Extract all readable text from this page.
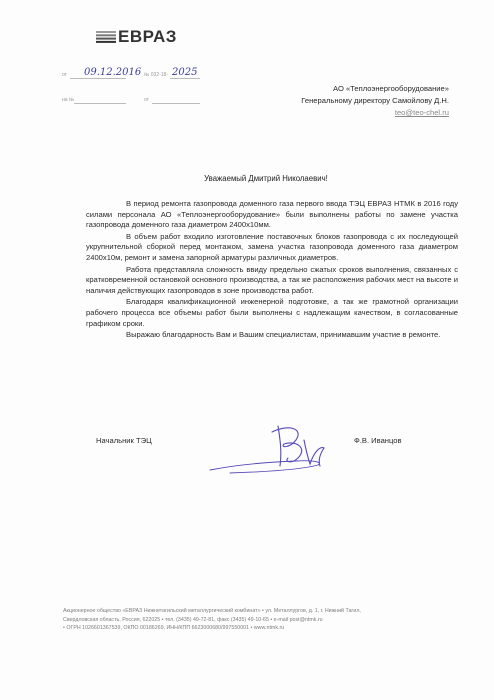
ЕВРАЗ
от 09.12.2016 № 032-18- 2025
на №	от
АО «Теплоэнергооборудование»
Генеральному директору Самойлову Д.Н.
teo@teo-chel.ru
Уважаемый Дмитрий Николаевич!

В период ремонта газопровода доменного газа первого ввода ТЭЦ ЕВРАЗ НТМК в 2016 году силами персонала АО «Теплоэнергооборудование» были выполнены работы по замене участка газопровода доменного газа диаметром 2400х10мм.

В объем работ входило изготовление поставочных блоков газопровода с их последующей укрупнительной сборкой перед монтажом, замена участка газопровода доменного газа диаметром 2400х10м, ремонт и замена запорной арматуры различных диаметров.

Работа представляла сложность ввиду предельно сжатых сроков выполнения, связанных с кратковременной остановкой основного производства, а так же расположения рабочих мест на высоте и наличия действующих газопроводов в зоне производства работ.

Благодаря квалификационной инженерной подготовке, а так же грамотной организации рабочего процесса все объемы работ были выполнены с надлежащим качеством, в согласованные графиком сроки.

Выражаю благодарность Вам и Вашим специалистам, принимавшим участие в ремонте.

Начальник ТЭЦ	Ф.В. Иванцов
Акционерное общество «ЕВРАЗ Нижнетагильский металлургический комбинат» • ул. Металлургов, д. 1, г. Нижний Тагил,
Свердловская область, Россия, 622025 • тел. (3435) 49-72-81, факс (3435) 49-10-65 • e-mail post@ntmk.ru
• ОГРН 1026601367539, ОКПО 00186269, ИНН/КПП 6623000680/997550001 • www.ntmk.ru
